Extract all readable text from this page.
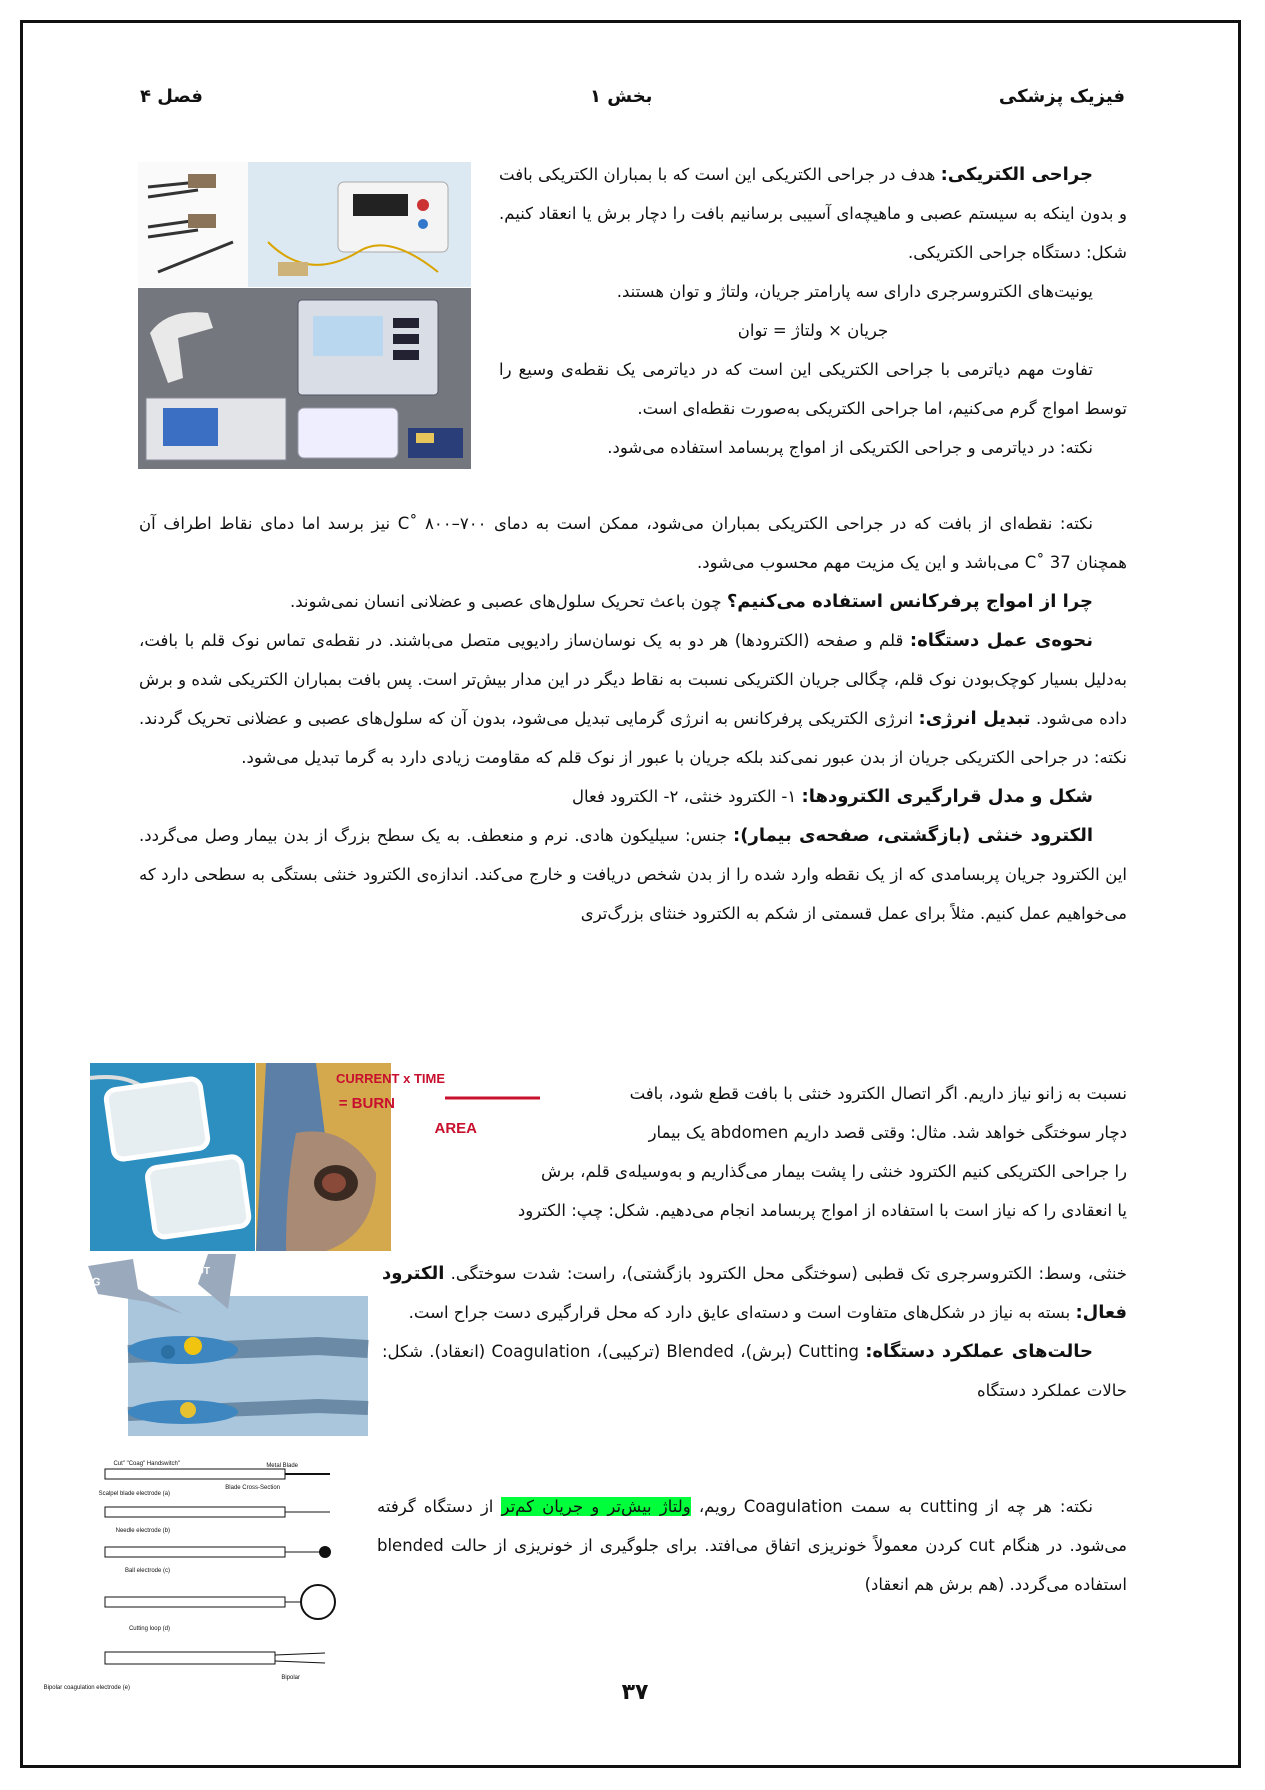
فیزیک پزشکی
بخش ۱
فصل ۴
جراحی الکتریکی: هدف در جراحی الکتریکی این است که با بمباران الکتریکی بافت و بدون اینکه به سیستم عصبی و ماهیچه‌ای آسیبی برسانیم بافت را دچار برش یا انعقاد کنیم. شکل: دستگاه جراحی الکتریکی.
یونیت‌های الکتروسرجری دارای سه پارامتر جریان، ولتاژ و توان هستند.
جریان × ولتاژ = توان
تفاوت مهم دیاترمی با جراحی الکتریکی این است که در دیاترمی یک نقطه‌ی وسیع را توسط امواج گرم می‌کنیم، اما جراحی الکتریکی به‌صورت نقطه‌ای است.
نکته: در دیاترمی و جراحی الکتریکی از امواج پربسامد استفاده می‌شود.
نکته: نقطه‌ای از بافت که در جراحی الکتریکی بمباران می‌شود، ممکن است به دمای C˚ ۸۰۰–۷۰۰ نیز برسد اما دمای نقاط اطراف آن همچنان C˚ 37 می‌باشد و این یک مزیت مهم محسوب می‌شود.
چرا از امواج پرفرکانس استفاده می‌کنیم؟ چون باعث تحریک سلول‌های عصبی و عضلانی انسان نمی‌شوند.
نحوه‌ی عمل دستگاه: قلم و صفحه (الکترودها) هر دو به یک نوسان‌ساز رادیویی متصل می‌باشند. در نقطه‌ی تماس نوک قلم با بافت، به‌دلیل بسیار کوچک‌بودن نوک قلم، چگالی جریان الکتریکی نسبت به نقاط دیگر در این مدار بیش‌تر است. پس بافت بمباران الکتریکی شده و برش داده می‌شود. تبدیل انرژی: انرژی الکتریکی پرفرکانس به انرژی گرمایی تبدیل می‌شود، بدون آن که سلول‌های عصبی و عضلانی تحریک گردند. نکته: در جراحی الکتریکی جریان از بدن عبور نمی‌کند بلکه جریان با عبور از نوک قلم که مقاومت زیادی دارد به گرما تبدیل می‌شود.
شکل و مدل قرارگیری الکترودها: ۱- الکترود خنثی، ۲- الکترود فعال
الکترود خنثی (بازگشتی، صفحه‌ی بیمار): جنس: سیلیکون هادی. نرم و منعطف. به یک سطح بزرگ از بدن بیمار وصل می‌گردد. این الکترود جریان پربسامدی که از یک نقطه وارد شده را از بدن شخص دریافت و خارج می‌کند. اندازه‌ی الکترود خنثی بستگی به سطحی دارد که می‌خواهیم عمل کنیم. مثلاً برای عمل قسمتی از شکم به الکترود خنثای بزرگ‌تری
BURN =
CURRENT x TIME
AREA
نسبت به زانو نیاز داریم. اگر اتصال الکترود خنثی با بافت قطع شود، بافت
دچار سوختگی خواهد شد. مثال: وقتی قصد داریم abdomen یک بیمار
را جراحی الکتریکی کنیم الکترود خنثی را پشت بیمار می‌گذاریم و به‌وسیله‌ی قلم، برش
یا انعقادی را که نیاز است با استفاده از امواج پربسامد انجام می‌دهیم. شکل: چپ: الکترود
COAG
CUT	خنثی، وسط: الکتروسرجری تک قطبی (سوختگی محل الکترود بازگشتی)، راست: شدت سوختگی. الکترود فعال: بسته به نیاز در شکل‌های متفاوت است و دسته‌ای عایق دارد که محل قرارگیری دست جراح است.
حالت‌های عملکرد دستگاه: Cutting (برش)، Blended (ترکیبی)، Coagulation (انعقاد). شکل: حالات عملکرد دستگاه
"Cut" "Coag" Handswitch	Metal Blade
Blade Cross-Section
(a) Scalpel blade electrode
(b) Needle electrode
(c) Ball electrode
(d) Cutting loop
Bipolar
(e) Bipolar coagulation electrode
نکته: هر چه از cutting به سمت Coagulation رویم، ولتاژ بیش‌تر و جریان کم‌تر از دستگاه گرفته می‌شود. در هنگام cut کردن معمولاً خونریزی اتفاق می‌افتد. برای جلوگیری از خونریزی از حالت blended استفاده می‌گردد. (هم برش هم انعقاد)
۳۷
